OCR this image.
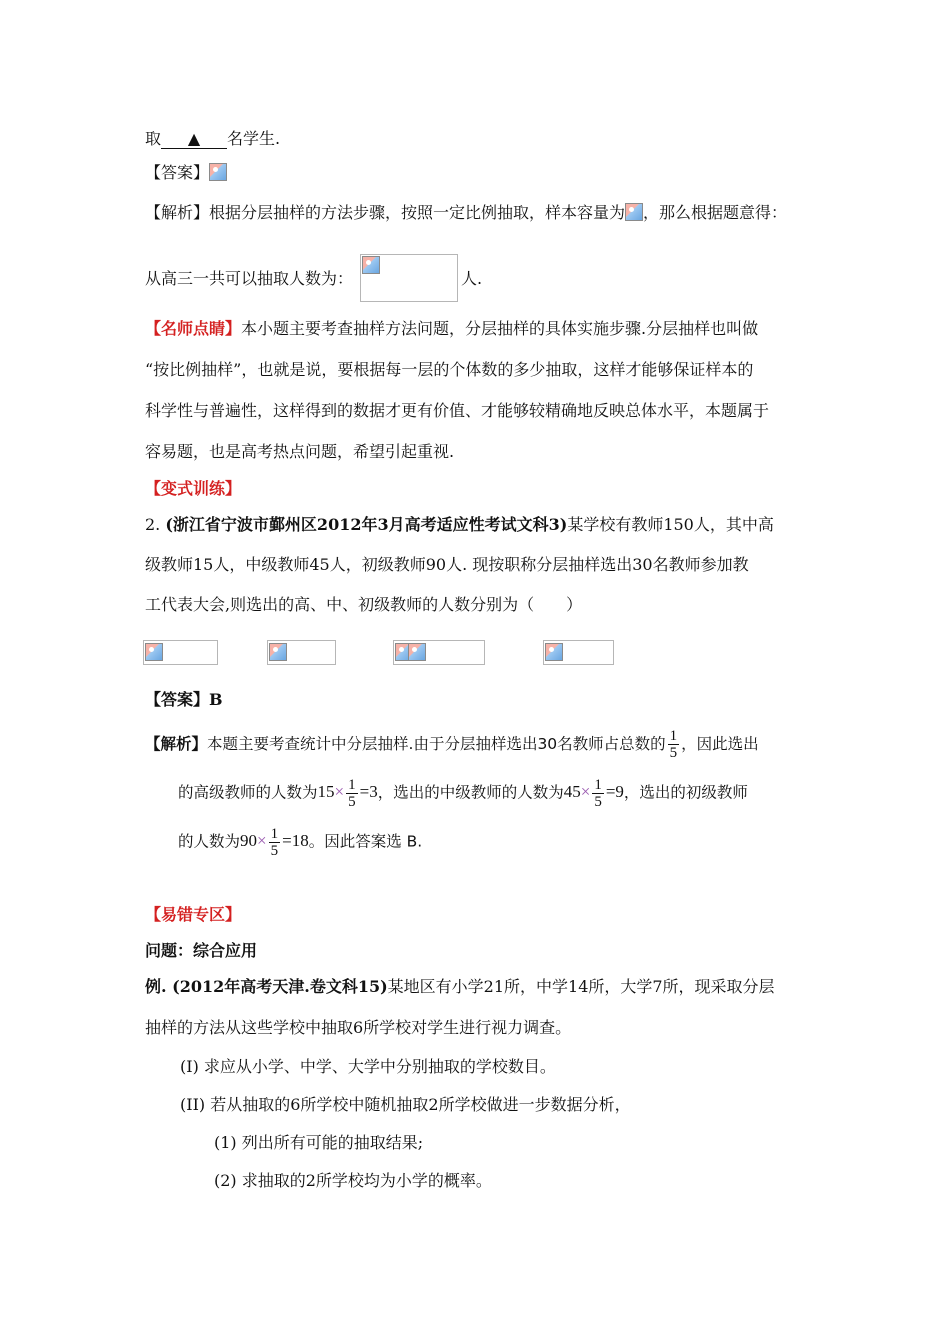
取 ▲ 名学生.
【答案】
【解析】根据分层抽样的方法步骤，按照一定比例抽取，样本容量为 ，那么根据题意得：
从高三一共可以抽取人数为：	人.
【名师点睛】本小题主要考查抽样方法问题，分层抽样的具体实施步骤.分层抽样也叫做
“按比例抽样”，也就是说，要根据每一层的个体数的多少抽取，这样才能够保证样本的
科学性与普遍性，这样得到的数据才更有价值、才能够较精确地反映总体水平，本题属于
容易题，也是高考热点问题，希望引起重视.
【变式训练】
2. (浙江省宁波市鄞州区2012年3月高考适应性考试文科3)某学校有教师150人，其中高
级教师15人，中级教师45人，初级教师90人. 现按职称分层抽样选出30名教师参加教
工代表大会,则选出的高、中、初级教师的人数分别为（　　）
【答案】B
【解析】本题主要考查统计中分层抽样.由于分层抽样选出30名教师占总数的 $\frac{1}{5}$ ，因此选出
的高级教师的人数为$15\times \frac{1}{5} =3$，选出的中级教师的人数为$45\times \frac{1}{5} =9$，选出的初级教师
的人数为$90\times \frac{1}{5} =18$。因此答案选 B.
【易错专区】
问题：综合应用
例. (2012年高考天津.卷文科15)某地区有小学21所，中学14所，大学7所，现采取分层
抽样的方法从这些学校中抽取6所学校对学生进行视力调查。
(I) 求应从小学、中学、大学中分别抽取的学校数目。
(II) 若从抽取的6所学校中随机抽取2所学校做进一步数据分析，
(1) 列出所有可能的抽取结果;
(2) 求抽取的2所学校均为小学的概率。
